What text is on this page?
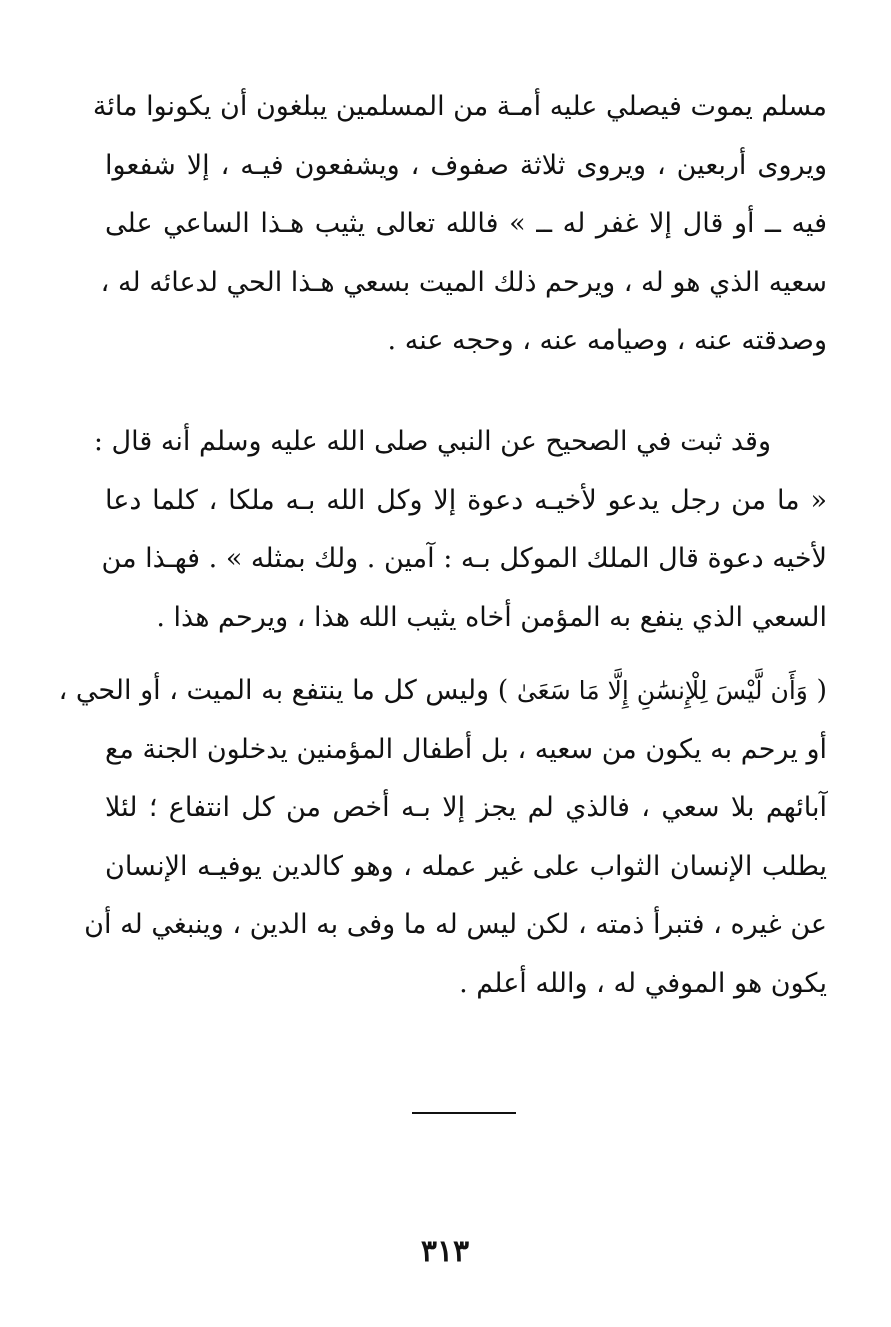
مسلم يموت فيصلي عليه أمـة من المسلمين يبلغون أن يكونوا مائة
ويروى أربعين ، ويروى ثلاثة صفوف ، ويشفعون فيـه ، إلا شفعوا
فيه ــ أو قال إلا غفر له ــ » فالله تعالى يثيب هـذا الساعي على
سعيه الذي هو له ، ويرحم ذلك الميت بسعي هـذا الحي لدعائه له ،
وصدقته عنه ، وصيامه عنه ، وحجه عنه .
وقد ثبت في الصحيح عن النبي صلى الله عليه وسلم أنه قال :
« ما من رجل يدعو لأخيـه دعوة إلا وكل الله بـه ملكا ، كلما دعا
لأخيه دعوة قال الملك الموكل بـه : آمين . ولك بمثله » . فهـذا من
السعي الذي ينفع به المؤمن أخاه يثيب الله هذا ، ويرحم هذا .
( وَأَن لَّيْسَ لِلْإِنسَٰنِ إِلَّا مَا سَعَىٰ ) وليس كل ما ينتفع به الميت ، أو الحي ،
أو يرحم به يكون من سعيه ، بل أطفال المؤمنين يدخلون الجنة مع
آبائهم بلا سعي ، فالذي لم يجز إلا بـه أخص من كل انتفاع ؛ لئلا
يطلب الإنسان الثواب على غير عمله ، وهو كالدين يوفيـه الإنسان
عن غيره ، فتبرأ ذمته ، لكن ليس له ما وفى به الدين ، وينبغي له أن
يكون هو الموفي له ، والله أعلم .
٣١٣
